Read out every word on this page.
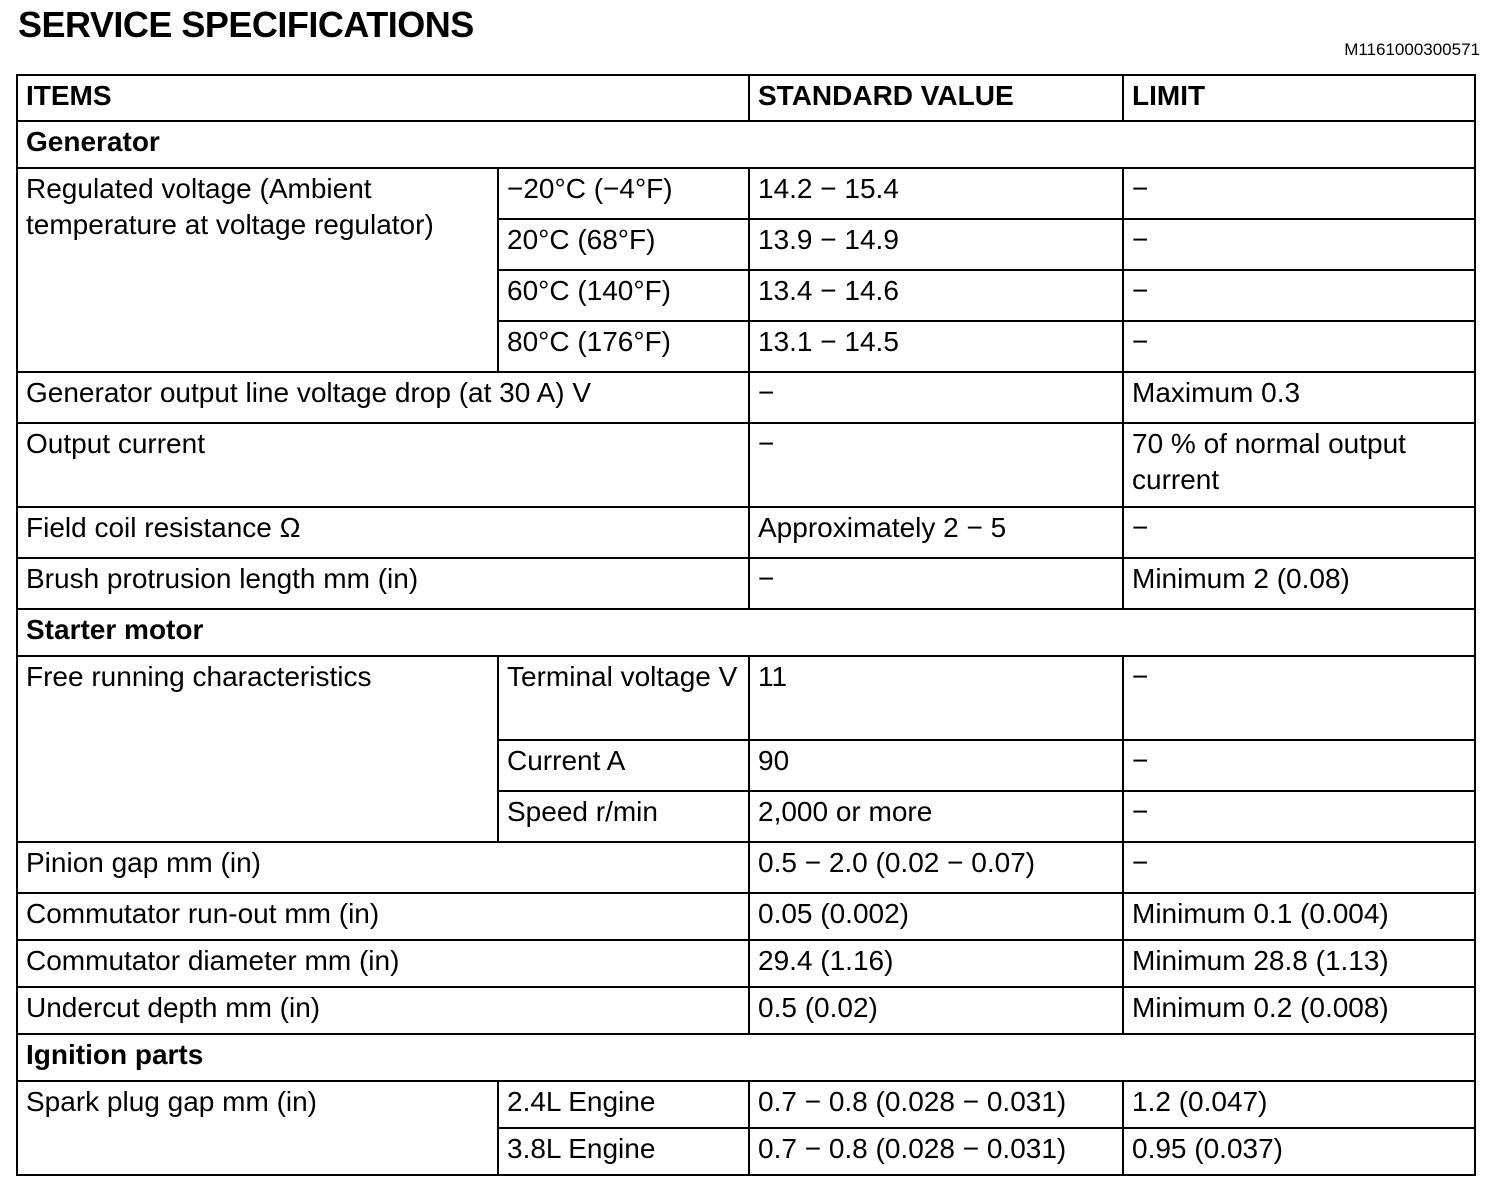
SERVICE SPECIFICATIONS
M1161000300571
ITEMS		STANDARD VALUE	LIMIT
Generator			
Regulated voltage (Ambient temperature at voltage regulator)	−20°C (−4°F)	14.2 − 15.4	−
	20°C (68°F)	13.9 − 14.9	−
	60°C (140°F)	13.4 − 14.6	−
	80°C (176°F)	13.1 − 14.5	−
Generator output line voltage drop (at 30 A) V		−	Maximum 0.3
Output current		−	70 % of normal output current
Field coil resistance Ω		Approximately 2 − 5	−
Brush protrusion length mm (in)		−	Minimum 2 (0.08)
Starter motor			
Free running characteristics	Terminal voltage V	11	−
	Current A	90	−
	Speed r/min	2,000 or more	−
Pinion gap mm (in)		0.5 − 2.0 (0.02 − 0.07)	−
Commutator run-out mm (in)		0.05 (0.002)	Minimum 0.1 (0.004)
Commutator diameter mm (in)		29.4 (1.16)	Minimum 28.8 (1.13)
Undercut depth mm (in)		0.5 (0.02)	Minimum 0.2 (0.008)
Ignition parts			
Spark plug gap mm (in)	2.4L Engine	0.7 − 0.8 (0.028 − 0.031)	1.2 (0.047)
	3.8L Engine	0.7 − 0.8 (0.028 − 0.031)	0.95 (0.037)
